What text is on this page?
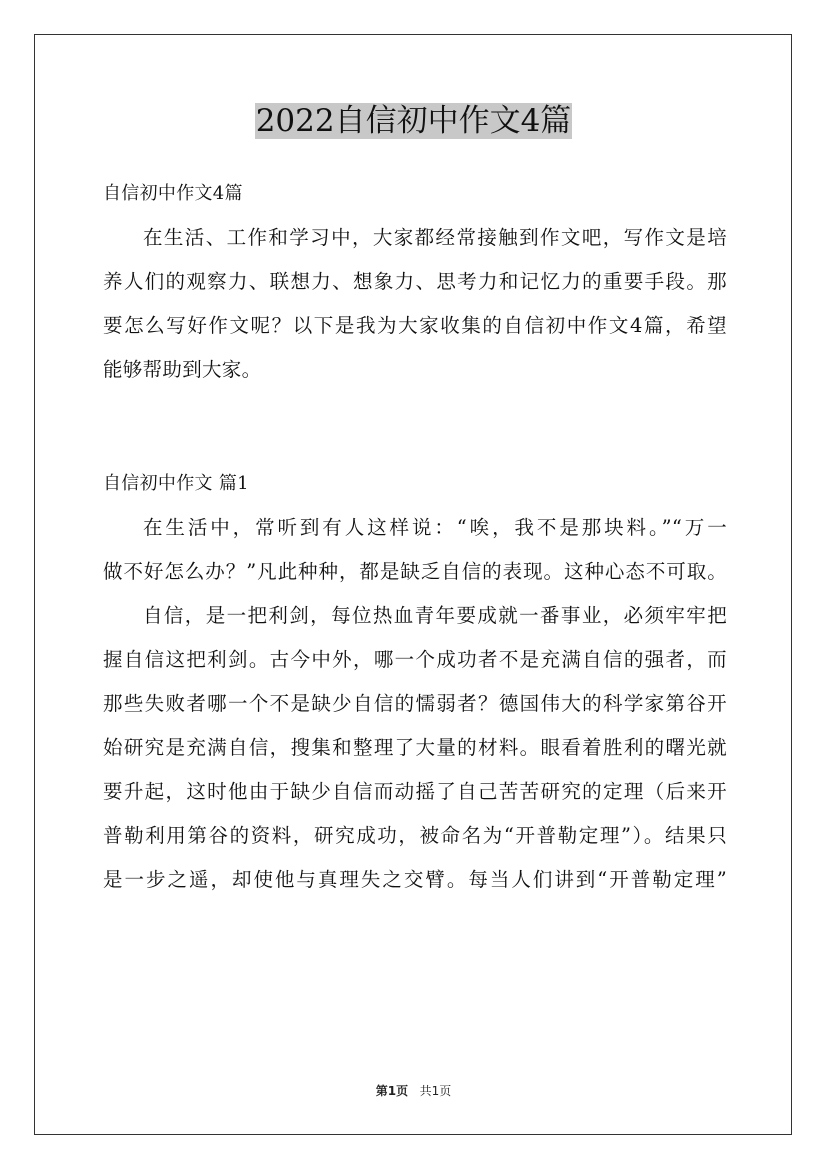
2022自信初中作文4篇
自信初中作文4篇
在生活、工作和学习中，大家都经常接触到作文吧，写作文是培
养人们的观察力、联想力、想象力、思考力和记忆力的重要手段。那
要怎么写好作文呢？以下是我为大家收集的自信初中作文4篇，希望
能够帮助到大家。
自信初中作文 篇1
在生活中，常听到有人这样说：“唉，我不是那块料。”“万一
做不好怎么办？”凡此种种，都是缺乏自信的表现。这种心态不可取。
自信，是一把利剑，每位热血青年要成就一番事业，必须牢牢把
握自信这把利剑。古今中外，哪一个成功者不是充满自信的强者，而
那些失败者哪一个不是缺少自信的懦弱者？德国伟大的科学家第谷开
始研究是充满自信，搜集和整理了大量的材料。眼看着胜利的曙光就
要升起，这时他由于缺少自信而动摇了自己苦苦研究的定理（后来开
普勒利用第谷的资料，研究成功，被命名为“开普勒定理”）。结果只
是一步之遥，却使他与真理失之交臂。每当人们讲到“开普勒定理”
第1页 共1页
